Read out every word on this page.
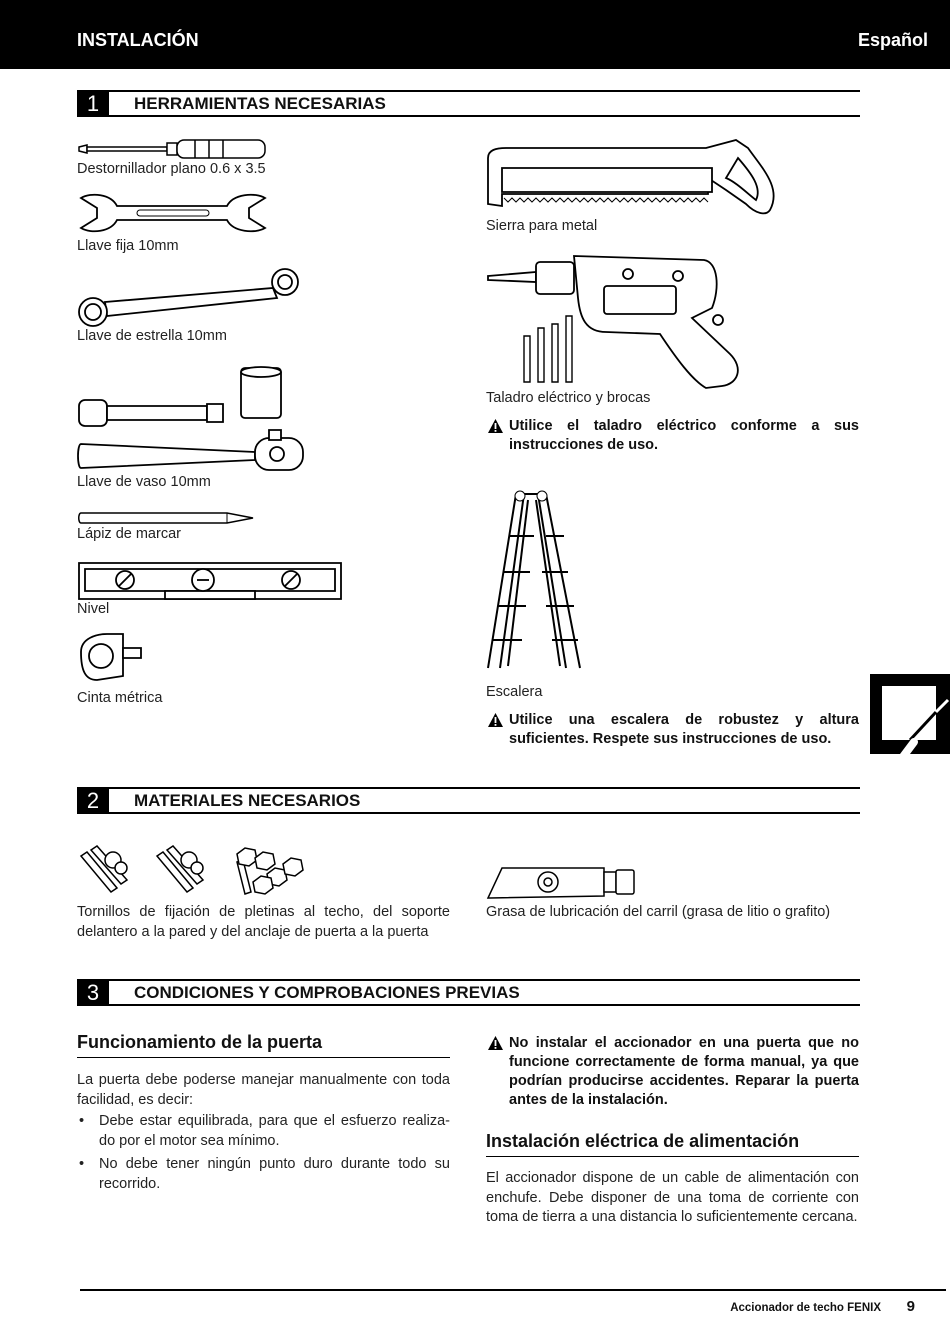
INSTALACIÓN	Español
1	HERRAMIENTAS NECESARIAS
Destornillador plano 0.6 x 3.5
Llave fija 10mm
Llave de estrella 10mm
Llave de vaso 10mm
Lápiz de marcar
Nivel
Cinta métrica
Sierra para metal
Taladro eléctrico y brocas
Utilice el taladro eléctrico conforme a sus instrucciones de uso.
Escalera
Utilice una escalera de robustez y altura suficientes. Respete sus instrucciones de uso.
2	MATERIALES NECESARIOS
Tornillos de fijación de pletinas al techo, del soporte delantero a la pared y del anclaje de puerta a la puerta
Grasa de lubricación del carril (grasa de litio o grafito)
3	CONDICIONES Y COMPROBACIONES PREVIAS
Funcionamiento de la puerta
La puerta debe poderse manejar manualmente con toda facilidad, es decir:
• Debe estar equilibrada, para que el esfuerzo realiza- do por el motor sea mínimo.
• No debe tener ningún punto duro durante todo su recorrido.
No instalar el accionador en una puerta que no funcione correctamente de forma manual, ya que podrían producirse accidentes. Reparar la puerta antes de la instalación.
Instalación eléctrica de alimentación
El accionador dispone de un cable de alimentación con enchufe. Debe disponer de una toma de corriente con toma de tierra a una distancia lo suficientemente cercana.
Accionador de techo FENIX 9
